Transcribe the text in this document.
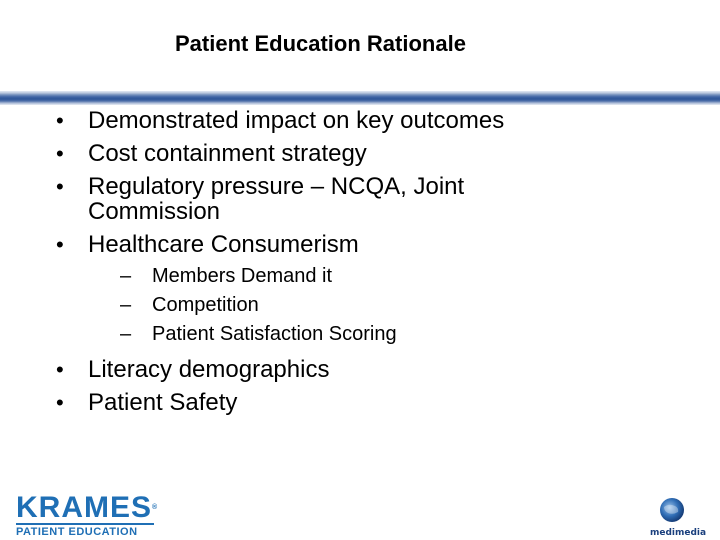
Patient Education Rationale
• Demonstrated impact on key outcomes
• Cost containment strategy
• Regulatory pressure – NCQA, Joint Commission
• Healthcare Consumerism
– Members Demand it
– Competition
– Patient Satisfaction Scoring
• Literacy demographics
• Patient Safety
KRAMES®
PATIENT EDUCATION	medimedia
